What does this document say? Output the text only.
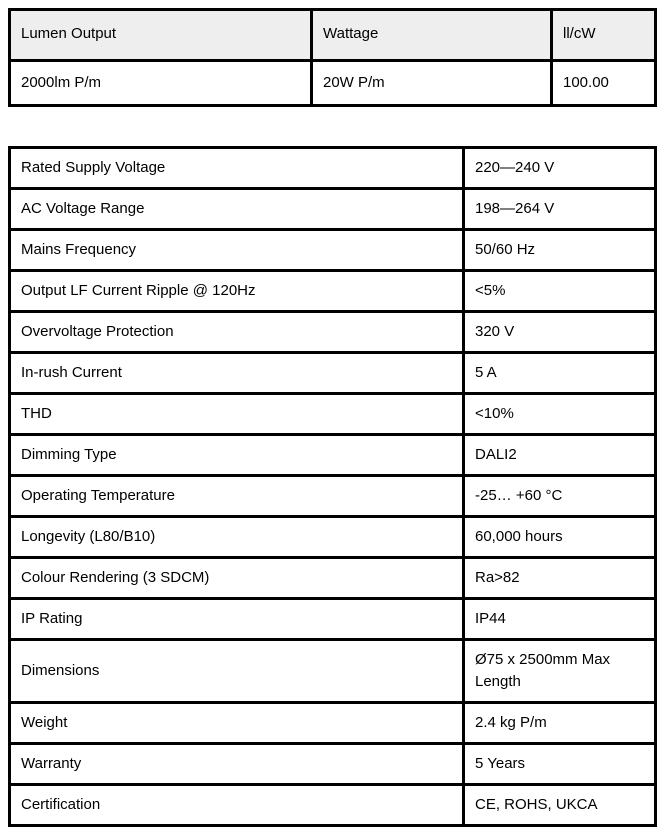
Lumen Output	Wattage	ll/cW
2000lm P/m	20W P/m	100.00
Rated Supply Voltage	220—240 V
AC Voltage Range	198—264 V
Mains Frequency	50/60 Hz
Output LF Current Ripple @ 120Hz	<5%
Overvoltage Protection	320 V
In-rush Current	5 A
THD	<10%
Dimming Type	DALI2
Operating Temperature	-25… +60 °C
Longevity (L80/B10)	60,000 hours
Colour Rendering (3 SDCM)	Ra>82
IP Rating	IP44
Dimensions	Ø75 x 2500mm Max Length
Weight	2.4 kg P/m
Warranty	5 Years
Certification	CE, ROHS, UKCA
